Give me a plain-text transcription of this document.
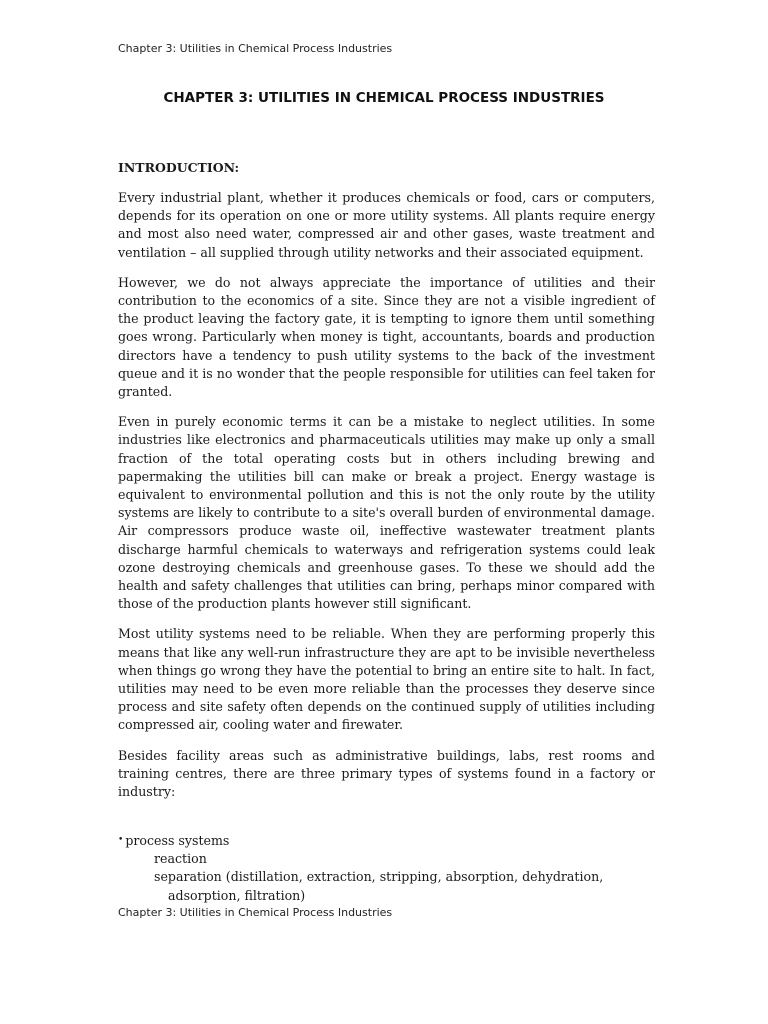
Chapter 3: Utilities in Chemical Process Industries
CHAPTER 3: UTILITIES IN CHEMICAL PROCESS INDUSTRIES
INTRODUCTION:

Every industrial plant, whether it produces chemicals or food, cars or computers, depends for its operation on one or more utility systems. All plants require energy and most also need water, compressed air and other gases, waste treatment and ventilation – all supplied through utility networks and their associated equipment.

However, we do not always appreciate the importance of utilities and their contribution to the economics of a site. Since they are not a visible ingredient of the product leaving the factory gate, it is tempting to ignore them until something goes wrong. Particularly when money is tight, accountants, boards and production directors have a tendency to push utility systems to the back of the investment queue and it is no wonder that the people responsible for utilities can feel taken for granted.

Even in purely economic terms it can be a mistake to neglect utilities. In some industries like electronics and pharmaceuticals utilities may make up only a small fraction of the total operating costs but in others including brewing and papermaking the utilities bill can make or break a project. Energy wastage is equivalent to environmental pollution and this is not the only route by the utility systems are likely to contribute to a site's overall burden of environmental damage. Air compressors produce waste oil, ineffective wastewater treatment plants discharge harmful chemicals to waterways and refrigeration systems could leak ozone destroying chemicals and greenhouse gases. To these we should add the health and safety challenges that utilities can bring, perhaps minor compared with those of the production plants however still significant.

Most utility systems need to be reliable. When they are performing properly this means that like any well-run infrastructure they are apt to be invisible nevertheless when things go wrong they have the potential to bring an entire site to halt. In fact, utilities may need to be even more reliable than the processes they deserve since process and site safety often depends on the continued supply of utilities including compressed air, cooling water and firewater.

Besides facility areas such as administrative buildings, labs, rest rooms and training centres, there are three primary types of systems found in a factory or industry:

• process systems
reaction
separation (distillation, extraction, stripping, absorption, dehydration, adsorption, filtration)
Chapter 3: Utilities in Chemical Process Industries
